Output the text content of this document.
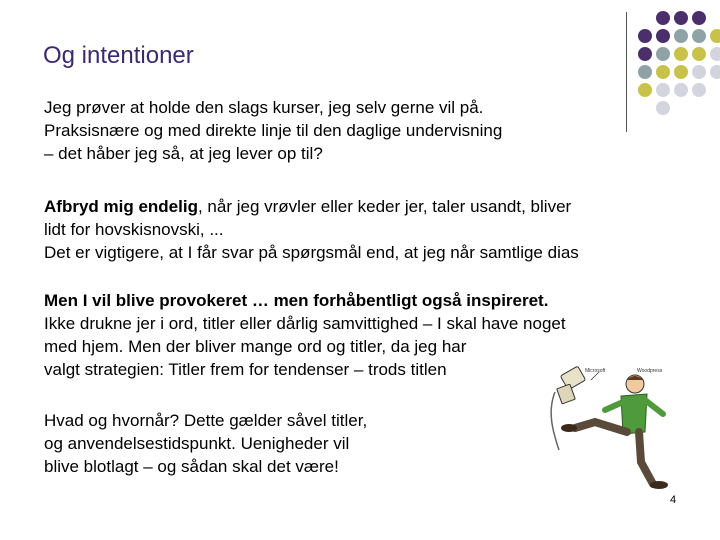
Og intentioner
Jeg prøver at holde den slags kurser, jeg selv gerne vil på.
Praksisnære og med direkte linje til den daglige undervisning
– det håber jeg så, at jeg lever op til?
Afbryd mig endelig, når jeg vrøvler eller keder jer, taler usandt, bliver
lidt for hovskisnovski, ...
Det er vigtigere, at I får svar på spørgsmål end, at jeg når samtlige dias
Men I vil blive provokeret … men forhåbentligt også inspireret.
Ikke drukne jer i ord, titler eller dårlig samvittighed – I skal have noget
med hjem. Men der bliver mange ord og titler, da jeg har
valgt strategien: Titler frem for tendenser – trods titlen
Hvad og hvornår? Dette gælder såvel titler,
og anvendelsestidspunkt. Uenigheder vil
blive blotlagt – og sådan skal det være!
Microsoft	Woodpress
4
